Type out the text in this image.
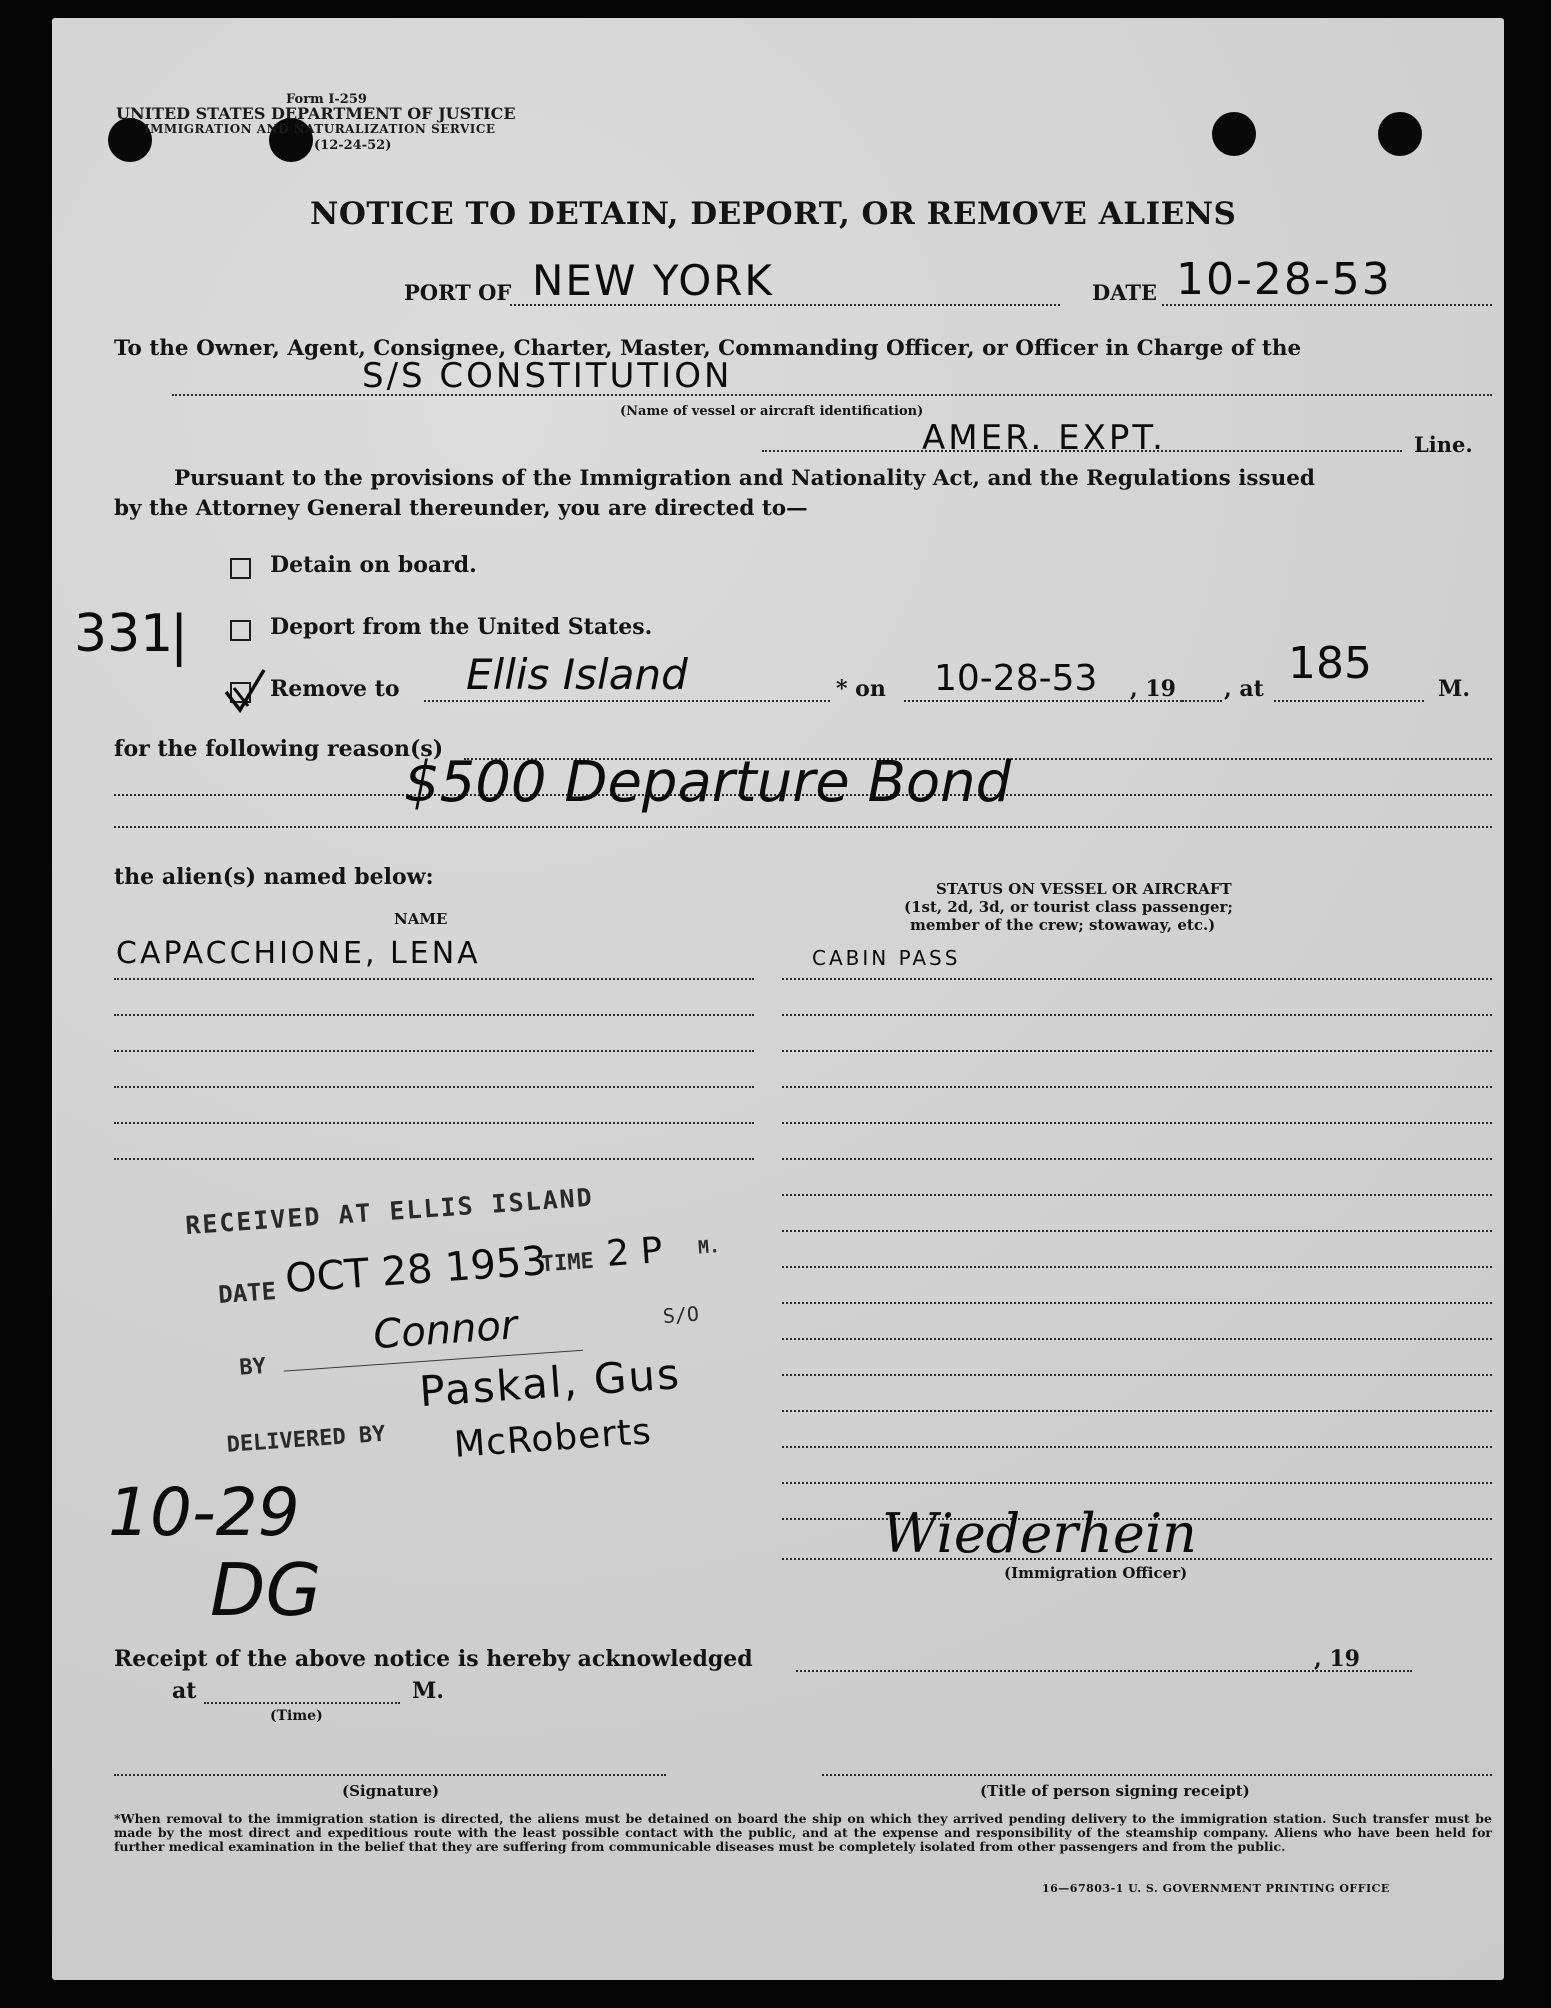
Form I-259
UNITED STATES DEPARTMENT OF JUSTICE
IMMIGRATION AND NATURALIZATION SERVICE
(12-24-52)
NOTICE TO DETAIN, DEPORT, OR REMOVE ALIENS
PORT OF NEW YORK	DATE 10-28-53
To the Owner, Agent, Consignee, Charter, Master, Commanding Officer, or Officer in Charge of the
S/S CONSTITUTION
(Name of vessel or aircraft identification)
AMER. EXPT.	Line.
Pursuant to the provisions of the Immigration and Nationality Act, and the Regulations issued
by the Attorney General thereunder, you are directed to—
Detain on board.
331
|	Deport from the United States.
Remove to Ellis Island	* on 10-28-53 , 19 , at 185	M.
for the following reason(s)
$500 Departure Bond
the alien(s) named below:
NAME
STATUS ON VESSEL OR AIRCRAFT
(1st, 2d, 3d, or tourist class passenger;
member of the crew; stowaway, etc.)
CAPACCHIONE, LENA	CABIN PASS
RECEIVED AT ELLIS ISLAND
DATE OCT 28 1953
TIME 2 P M.
BY
Connor	S/O
DELIVERED BY
Paskal, Gus
McRoberts
10-29
DG
Wiederhein
(Immigration Officer)
Receipt of the above notice is hereby acknowledged	, 19
at	M.
(Time)
(Signature)	(Title of person signing receipt)
*When removal to the immigration station is directed, the aliens must be detained on board the ship on which they arrived pending delivery to the immigration station. Such transfer must be made by the most direct and expeditious route with the least possible contact with the public, and at the expense and responsibility of the steamship company. Aliens who have been held for further medical examination in the belief that they are suffering from communicable diseases must be completely isolated from other passengers and from the public.
16—67803-1 U. S. GOVERNMENT PRINTING OFFICE
